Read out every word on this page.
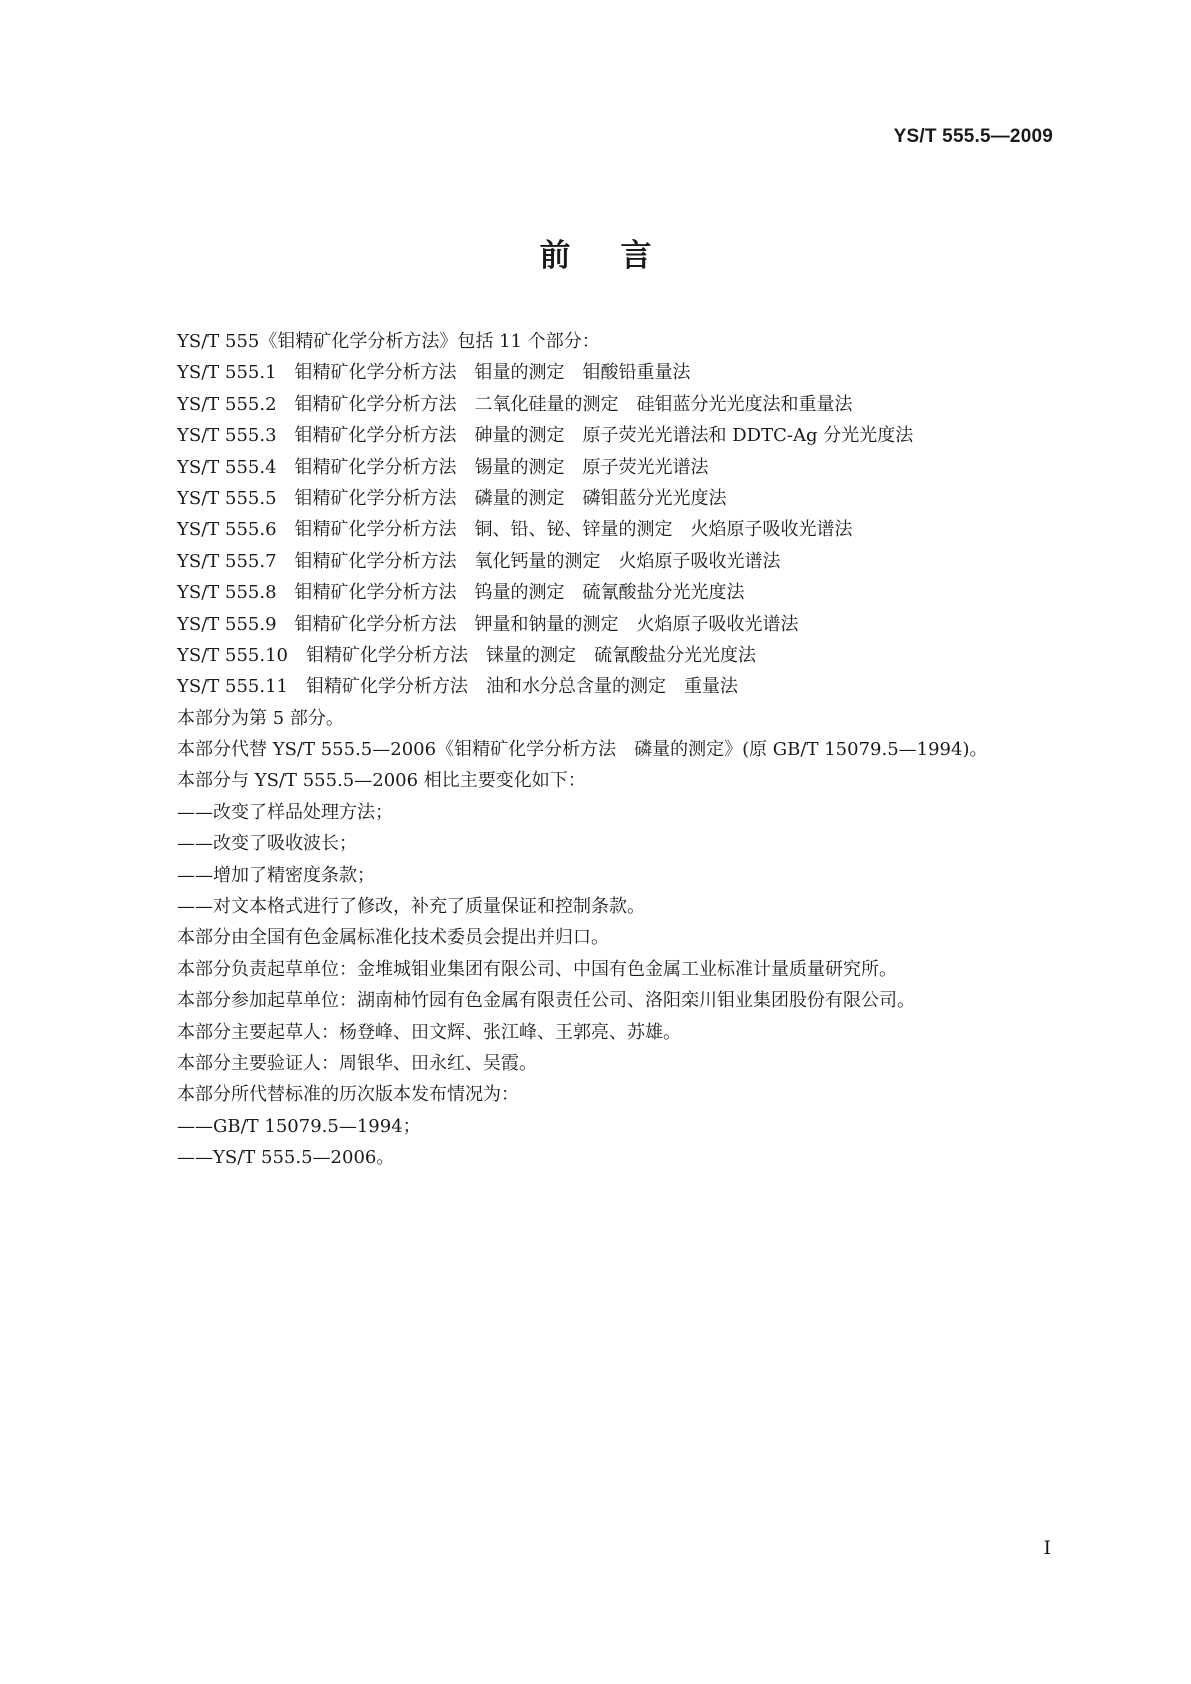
YS/T 555.5—2009
前言
YS/T 555《钼精矿化学分析方法》包括 11 个部分：
YS/T 555.1　钼精矿化学分析方法　钼量的测定　钼酸铅重量法
YS/T 555.2　钼精矿化学分析方法　二氧化硅量的测定　硅钼蓝分光光度法和重量法
YS/T 555.3　钼精矿化学分析方法　砷量的测定　原子荧光光谱法和 DDTC-Ag 分光光度法
YS/T 555.4　钼精矿化学分析方法　锡量的测定　原子荧光光谱法
YS/T 555.5　钼精矿化学分析方法　磷量的测定　磷钼蓝分光光度法
YS/T 555.6　钼精矿化学分析方法　铜、铅、铋、锌量的测定　火焰原子吸收光谱法
YS/T 555.7　钼精矿化学分析方法　氧化钙量的测定　火焰原子吸收光谱法
YS/T 555.8　钼精矿化学分析方法　钨量的测定　硫氰酸盐分光光度法
YS/T 555.9　钼精矿化学分析方法　钾量和钠量的测定　火焰原子吸收光谱法
YS/T 555.10　钼精矿化学分析方法　铼量的测定　硫氰酸盐分光光度法
YS/T 555.11　钼精矿化学分析方法　油和水分总含量的测定　重量法
本部分为第 5 部分。
本部分代替 YS/T 555.5—2006《钼精矿化学分析方法　磷量的测定》(原 GB/T 15079.5—1994)。
本部分与 YS/T 555.5—2006 相比主要变化如下：
——改变了样品处理方法；
——改变了吸收波长；
——增加了精密度条款；
——对文本格式进行了修改，补充了质量保证和控制条款。
本部分由全国有色金属标准化技术委员会提出并归口。
本部分负责起草单位：金堆城钼业集团有限公司、中国有色金属工业标准计量质量研究所。
本部分参加起草单位：湖南柿竹园有色金属有限责任公司、洛阳栾川钼业集团股份有限公司。
本部分主要起草人：杨登峰、田文辉、张江峰、王郭亮、苏雄。
本部分主要验证人：周银华、田永红、吴霞。
本部分所代替标准的历次版本发布情况为：
——GB/T 15079.5—1994；
——YS/T 555.5—2006。
I
